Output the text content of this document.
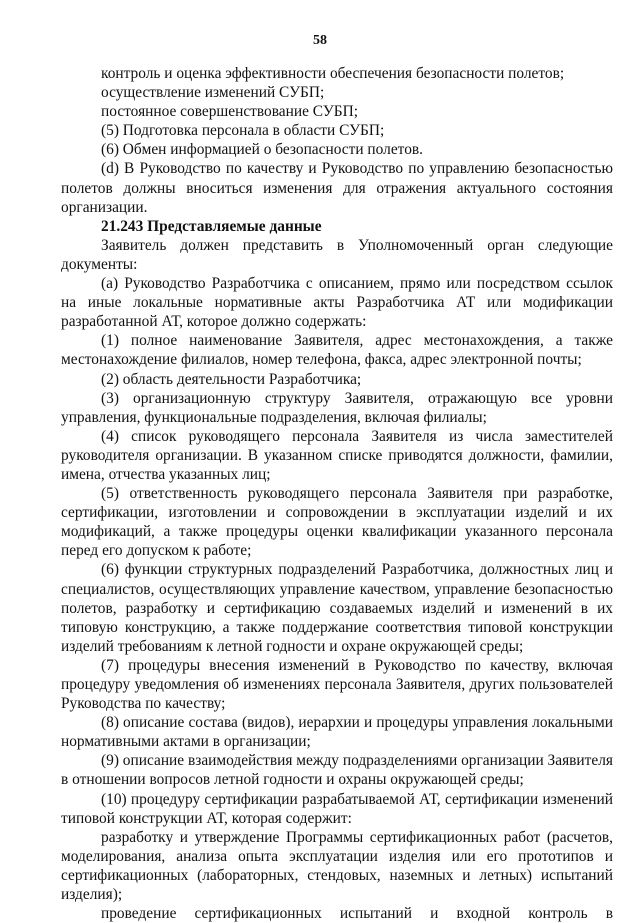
58

контроль и оценка эффективности обеспечения безопасности полетов;

осуществление изменений СУБП;

постоянное совершенствование СУБП;

(5) Подготовка персонала в области СУБП;

(6) Обмен информацией о безопасности полетов.

(d) В Руководство по качеству и Руководство по управлению безопасностью полетов должны вноситься изменения для отражения актуального состояния организации.

21.243 Представляемые данные

Заявитель должен представить в Уполномоченный орган следующие документы:

(а) Руководство Разработчика с описанием, прямо или посредством ссылок на иные локальные нормативные акты Разработчика АТ или модификации разработанной АТ, которое должно содержать:

(1) полное наименование Заявителя, адрес местонахождения, а также местонахождение филиалов, номер телефона, факса, адрес электронной почты;

(2) область деятельности Разработчика;

(3) организационную структуру Заявителя, отражающую все уровни управления, функциональные подразделения, включая филиалы;

(4) список руководящего персонала Заявителя из числа заместителей руководителя организации. В указанном списке приводятся должности, фамилии, имена, отчества указанных лиц;

(5) ответственность руководящего персонала Заявителя при разработке, сертификации, изготовлении и сопровождении в эксплуатации изделий и их модификаций, а также процедуры оценки квалификации указанного персонала перед его допуском к работе;

(6) функции структурных подразделений Разработчика, должностных лиц и специалистов, осуществляющих управление качеством, управление безопасностью полетов, разработку и сертификацию создаваемых изделий и изменений в их типовую конструкцию, а также поддержание соответствия типовой конструкции изделий требованиям к летной годности и охране окружающей среды;

(7) процедуры внесения изменений в Руководство по качеству, включая процедуру уведомления об изменениях персонала Заявителя, других пользователей Руководства по качеству;

(8) описание состава (видов), иерархии и процедуры управления локальными нормативными актами в организации;

(9) описание взаимодействия между подразделениями организации Заявителя в отношении вопросов летной годности и охраны окружающей среды;

(10) процедуру сертификации разрабатываемой АТ, сертификации изменений типовой конструкции АТ, которая содержит:

разработку и утверждение Программы сертификационных работ (расчетов, моделирования, анализа опыта эксплуатации изделия или его прототипов и сертификационных (лабораторных, стендовых, наземных и летных) испытаний изделия);

проведение сертификационных испытаний и входной контроль в
